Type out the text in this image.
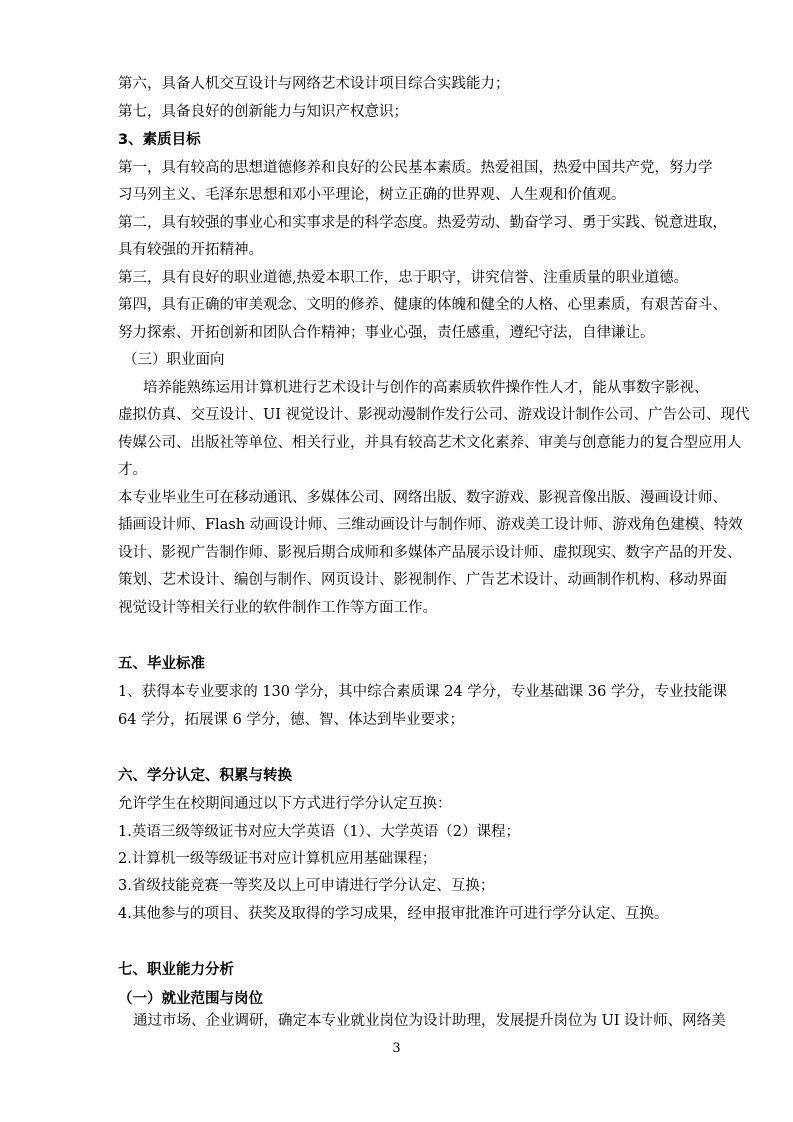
第六，具备人机交互设计与网络艺术设计项目综合实践能力；
第七，具备良好的创新能力与知识产权意识；
3、素质目标
第一，具有较高的思想道德修养和良好的公民基本素质。热爱祖国，热爱中国共产党，努力学
习马列主义、毛泽东思想和邓小平理论，树立正确的世界观、人生观和价值观。
第二，具有较强的事业心和实事求是的科学态度。热爱劳动、勤奋学习、勇于实践、锐意进取，
具有较强的开拓精神。
第三，具有良好的职业道德,热爱本职工作，忠于职守，讲究信誉、注重质量的职业道德。
第四，具有正确的审美观念、文明的修养、健康的体魄和健全的人格、心里素质，有艰苦奋斗、
努力探索、开拓创新和团队合作精神；事业心强，责任感重，遵纪守法，自律谦让。
（三）职业面向
培养能熟练运用计算机进行艺术设计与创作的高素质软件操作性人才，能从事数字影视、
虚拟仿真、交互设计、UI 视觉设计、影视动漫制作发行公司、游戏设计制作公司、广告公司、现代
传媒公司、出版社等单位、相关行业，并具有较高艺术文化素养、审美与创意能力的复合型应用人
才。
本专业毕业生可在移动通讯、多媒体公司、网络出版、数字游戏、影视音像出版、漫画设计师、
插画设计师、Flash 动画设计师、三维动画设计与制作师、游戏美工设计师、游戏角色建模、特效
设计、影视广告制作师、影视后期合成师和多媒体产品展示设计师、虚拟现实、数字产品的开发、
策划、艺术设计、编创与制作、网页设计、影视制作、广告艺术设计、动画制作机构、移动界面
视觉设计等相关行业的软件制作工作等方面工作。
五、毕业标准
1、获得本专业要求的 130 学分，其中综合素质课 24 学分，专业基础课 36 学分，专业技能课
64 学分，拓展课 6 学分，德、智、体达到毕业要求；
六、学分认定、积累与转换
允许学生在校期间通过以下方式进行学分认定互换：
1.英语三级等级证书对应大学英语（1）、大学英语（2）课程；
2.计算机一级等级证书对应计算机应用基础课程；
3.省级技能竞赛一等奖及以上可申请进行学分认定、互换；
4.其他参与的项目、获奖及取得的学习成果，经申报审批准许可进行学分认定、互换。
七、职业能力分析
（一）就业范围与岗位
通过市场、企业调研，确定本专业就业岗位为设计助理，发展提升岗位为 UI 设计师、网络美
3
